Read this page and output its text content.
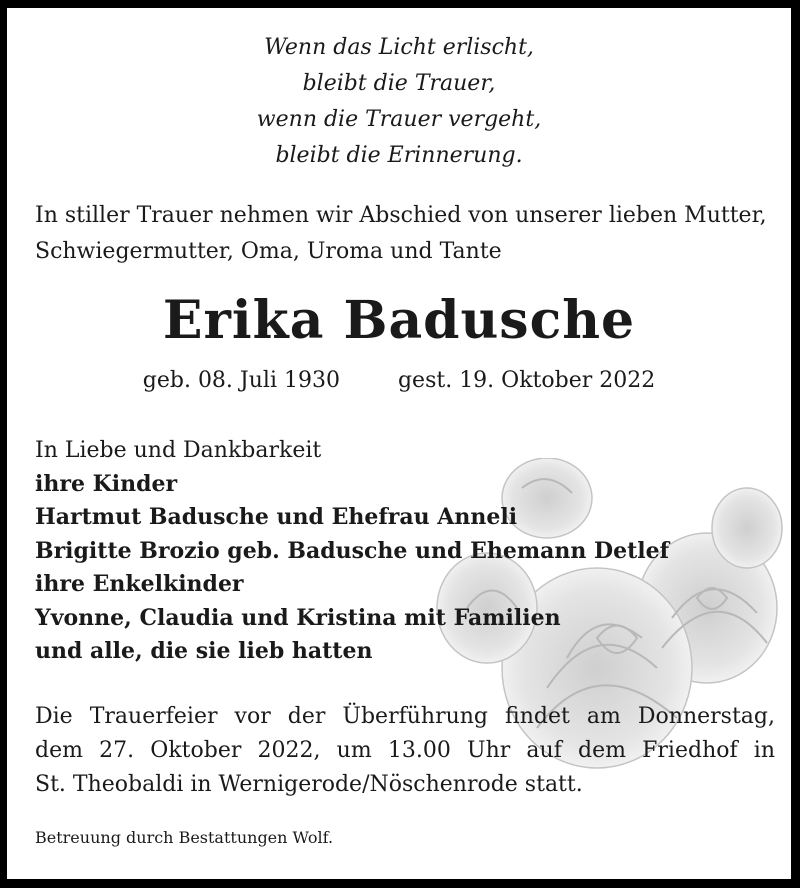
Wenn das Licht erlischt,
bleibt die Trauer,
wenn die Trauer vergeht,
bleibt die Erinnerung.
In stiller Trauer nehmen wir Abschied von unserer lieben Mutter,
Schwiegermutter, Oma, Uroma und Tante
Erika Badusche
geb. 08. Juli 1930	gest. 19. Oktober 2022
In Liebe und Dankbarkeit
ihre Kinder
Hartmut Badusche und Ehefrau Anneli
Brigitte Brozio geb. Badusche und Ehemann Detlef
ihre Enkelkinder
Yvonne, Claudia und Kristina mit Familien
und alle, die sie lieb hatten
Die Trauerfeier vor der Überführung findet am Donnerstag,
dem 27. Oktober 2022, um 13.00 Uhr auf dem Friedhof in
St. Theobaldi in Wernigerode/Nöschenrode statt.
Betreuung durch Bestattungen Wolf.
